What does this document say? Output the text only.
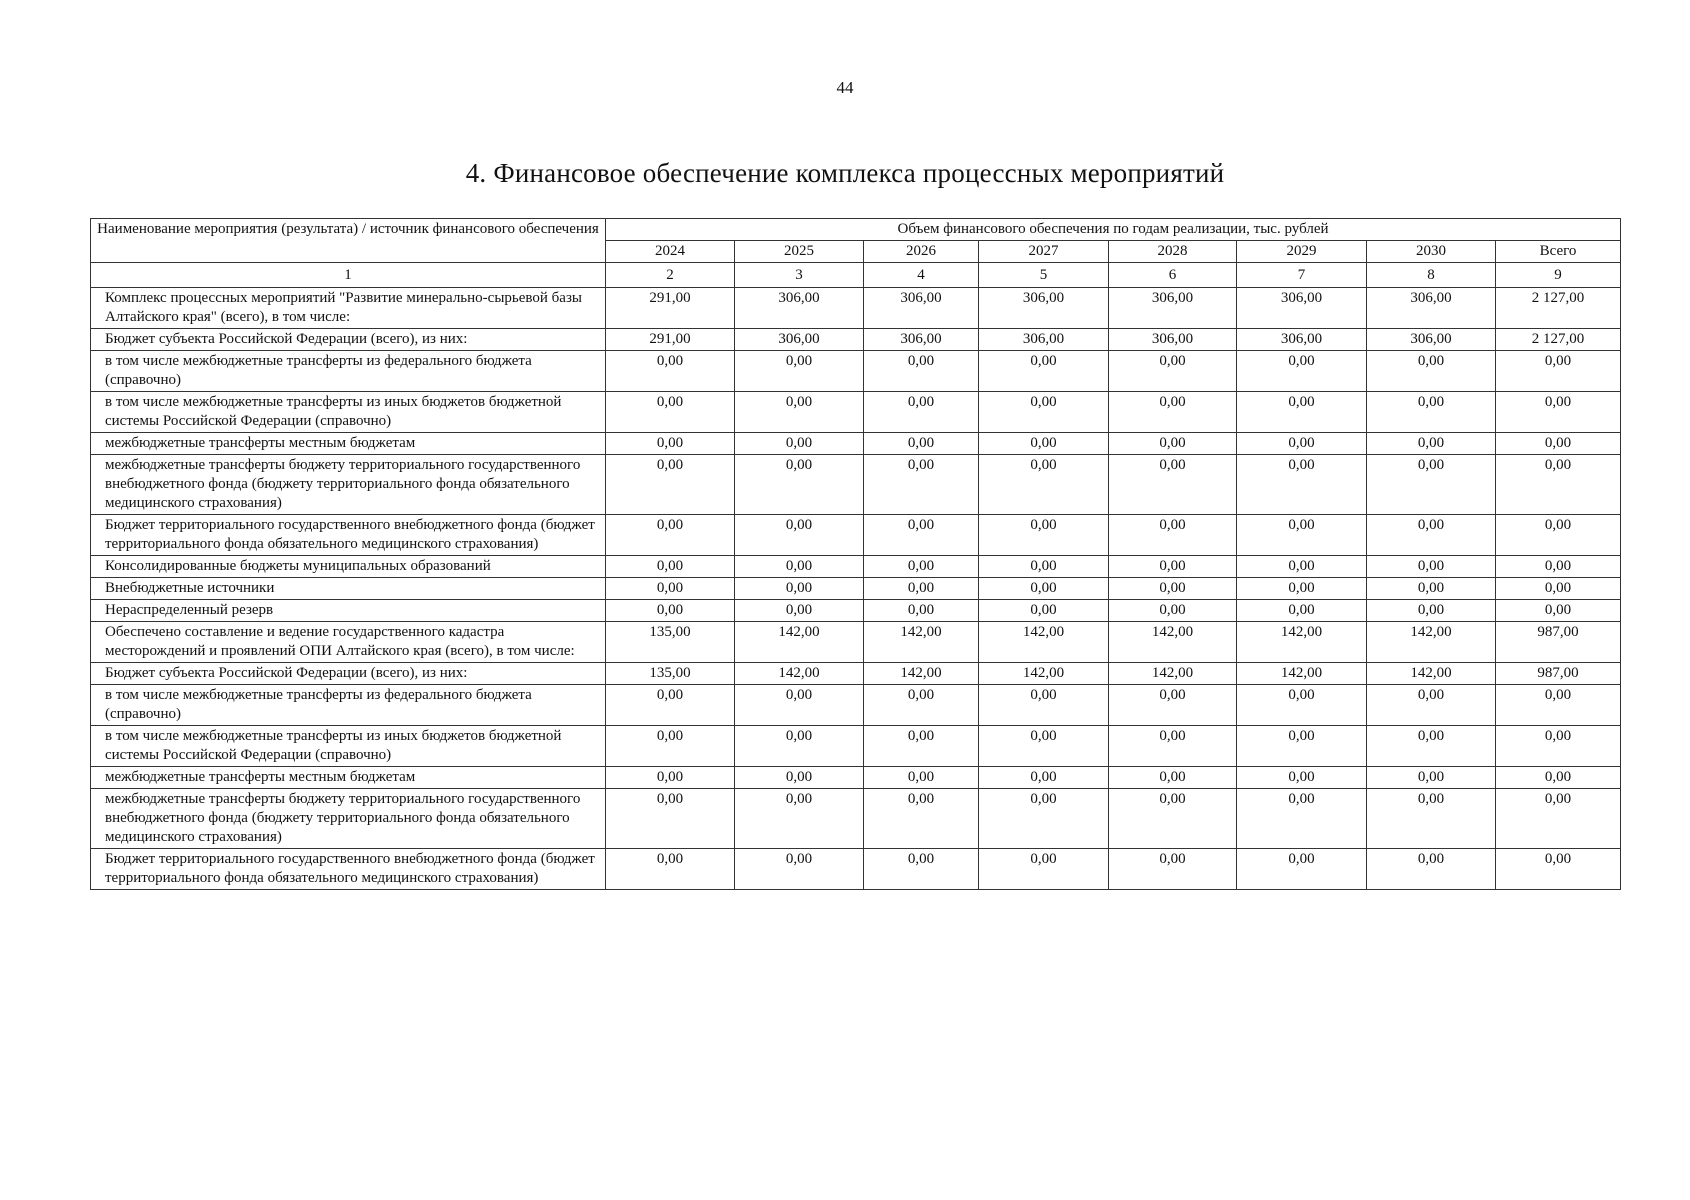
44
4. Финансовое обеспечение комплекса процессных мероприятий
Наименование мероприятия (результата) / источник финансового обеспечения	Объем финансового обеспечения по годам реализации, тыс. рублей							
	2024	2025	2026	2027	2028	2029	2030	Всего
1	2	3	4	5	6	7	8	9
Комплекс процессных мероприятий "Развитие минерально-сырьевой базы Алтайского края" (всего), в том числе:	291,00	306,00	306,00	306,00	306,00	306,00	306,00	2 127,00
Бюджет субъекта Российской Федерации (всего), из них:	291,00	306,00	306,00	306,00	306,00	306,00	306,00	2 127,00
в том числе межбюджетные трансферты из федерального бюджета (справочно)	0,00	0,00	0,00	0,00	0,00	0,00	0,00	0,00
в том числе межбюджетные трансферты из иных бюджетов бюджетной системы Российской Федерации (справочно)	0,00	0,00	0,00	0,00	0,00	0,00	0,00	0,00
межбюджетные трансферты местным бюджетам	0,00	0,00	0,00	0,00	0,00	0,00	0,00	0,00
межбюджетные трансферты бюджету территориального государственного внебюджетного фонда (бюджету территориального фонда обязательного медицинского страхования)	0,00	0,00	0,00	0,00	0,00	0,00	0,00	0,00
Бюджет территориального государственного внебюджетного фонда (бюджет территориального фонда обязательного медицинского страхования)	0,00	0,00	0,00	0,00	0,00	0,00	0,00	0,00
Консолидированные бюджеты муниципальных образований	0,00	0,00	0,00	0,00	0,00	0,00	0,00	0,00
Внебюджетные источники	0,00	0,00	0,00	0,00	0,00	0,00	0,00	0,00
Нераспределенный резерв	0,00	0,00	0,00	0,00	0,00	0,00	0,00	0,00
Обеспечено составление и ведение государственного кадастра месторождений и проявлений ОПИ Алтайского края (всего), в том числе:	135,00	142,00	142,00	142,00	142,00	142,00	142,00	987,00
Бюджет субъекта Российской Федерации (всего), из них:	135,00	142,00	142,00	142,00	142,00	142,00	142,00	987,00
в том числе межбюджетные трансферты из федерального бюджета (справочно)	0,00	0,00	0,00	0,00	0,00	0,00	0,00	0,00
в том числе межбюджетные трансферты из иных бюджетов бюджетной системы Российской Федерации (справочно)	0,00	0,00	0,00	0,00	0,00	0,00	0,00	0,00
межбюджетные трансферты местным бюджетам	0,00	0,00	0,00	0,00	0,00	0,00	0,00	0,00
межбюджетные трансферты бюджету территориального государственного внебюджетного фонда (бюджету территориального фонда обязательного медицинского страхования)	0,00	0,00	0,00	0,00	0,00	0,00	0,00	0,00
Бюджет территориального государственного внебюджетного фонда (бюджет территориального фонда обязательного медицинского страхования)	0,00	0,00	0,00	0,00	0,00	0,00	0,00	0,00
